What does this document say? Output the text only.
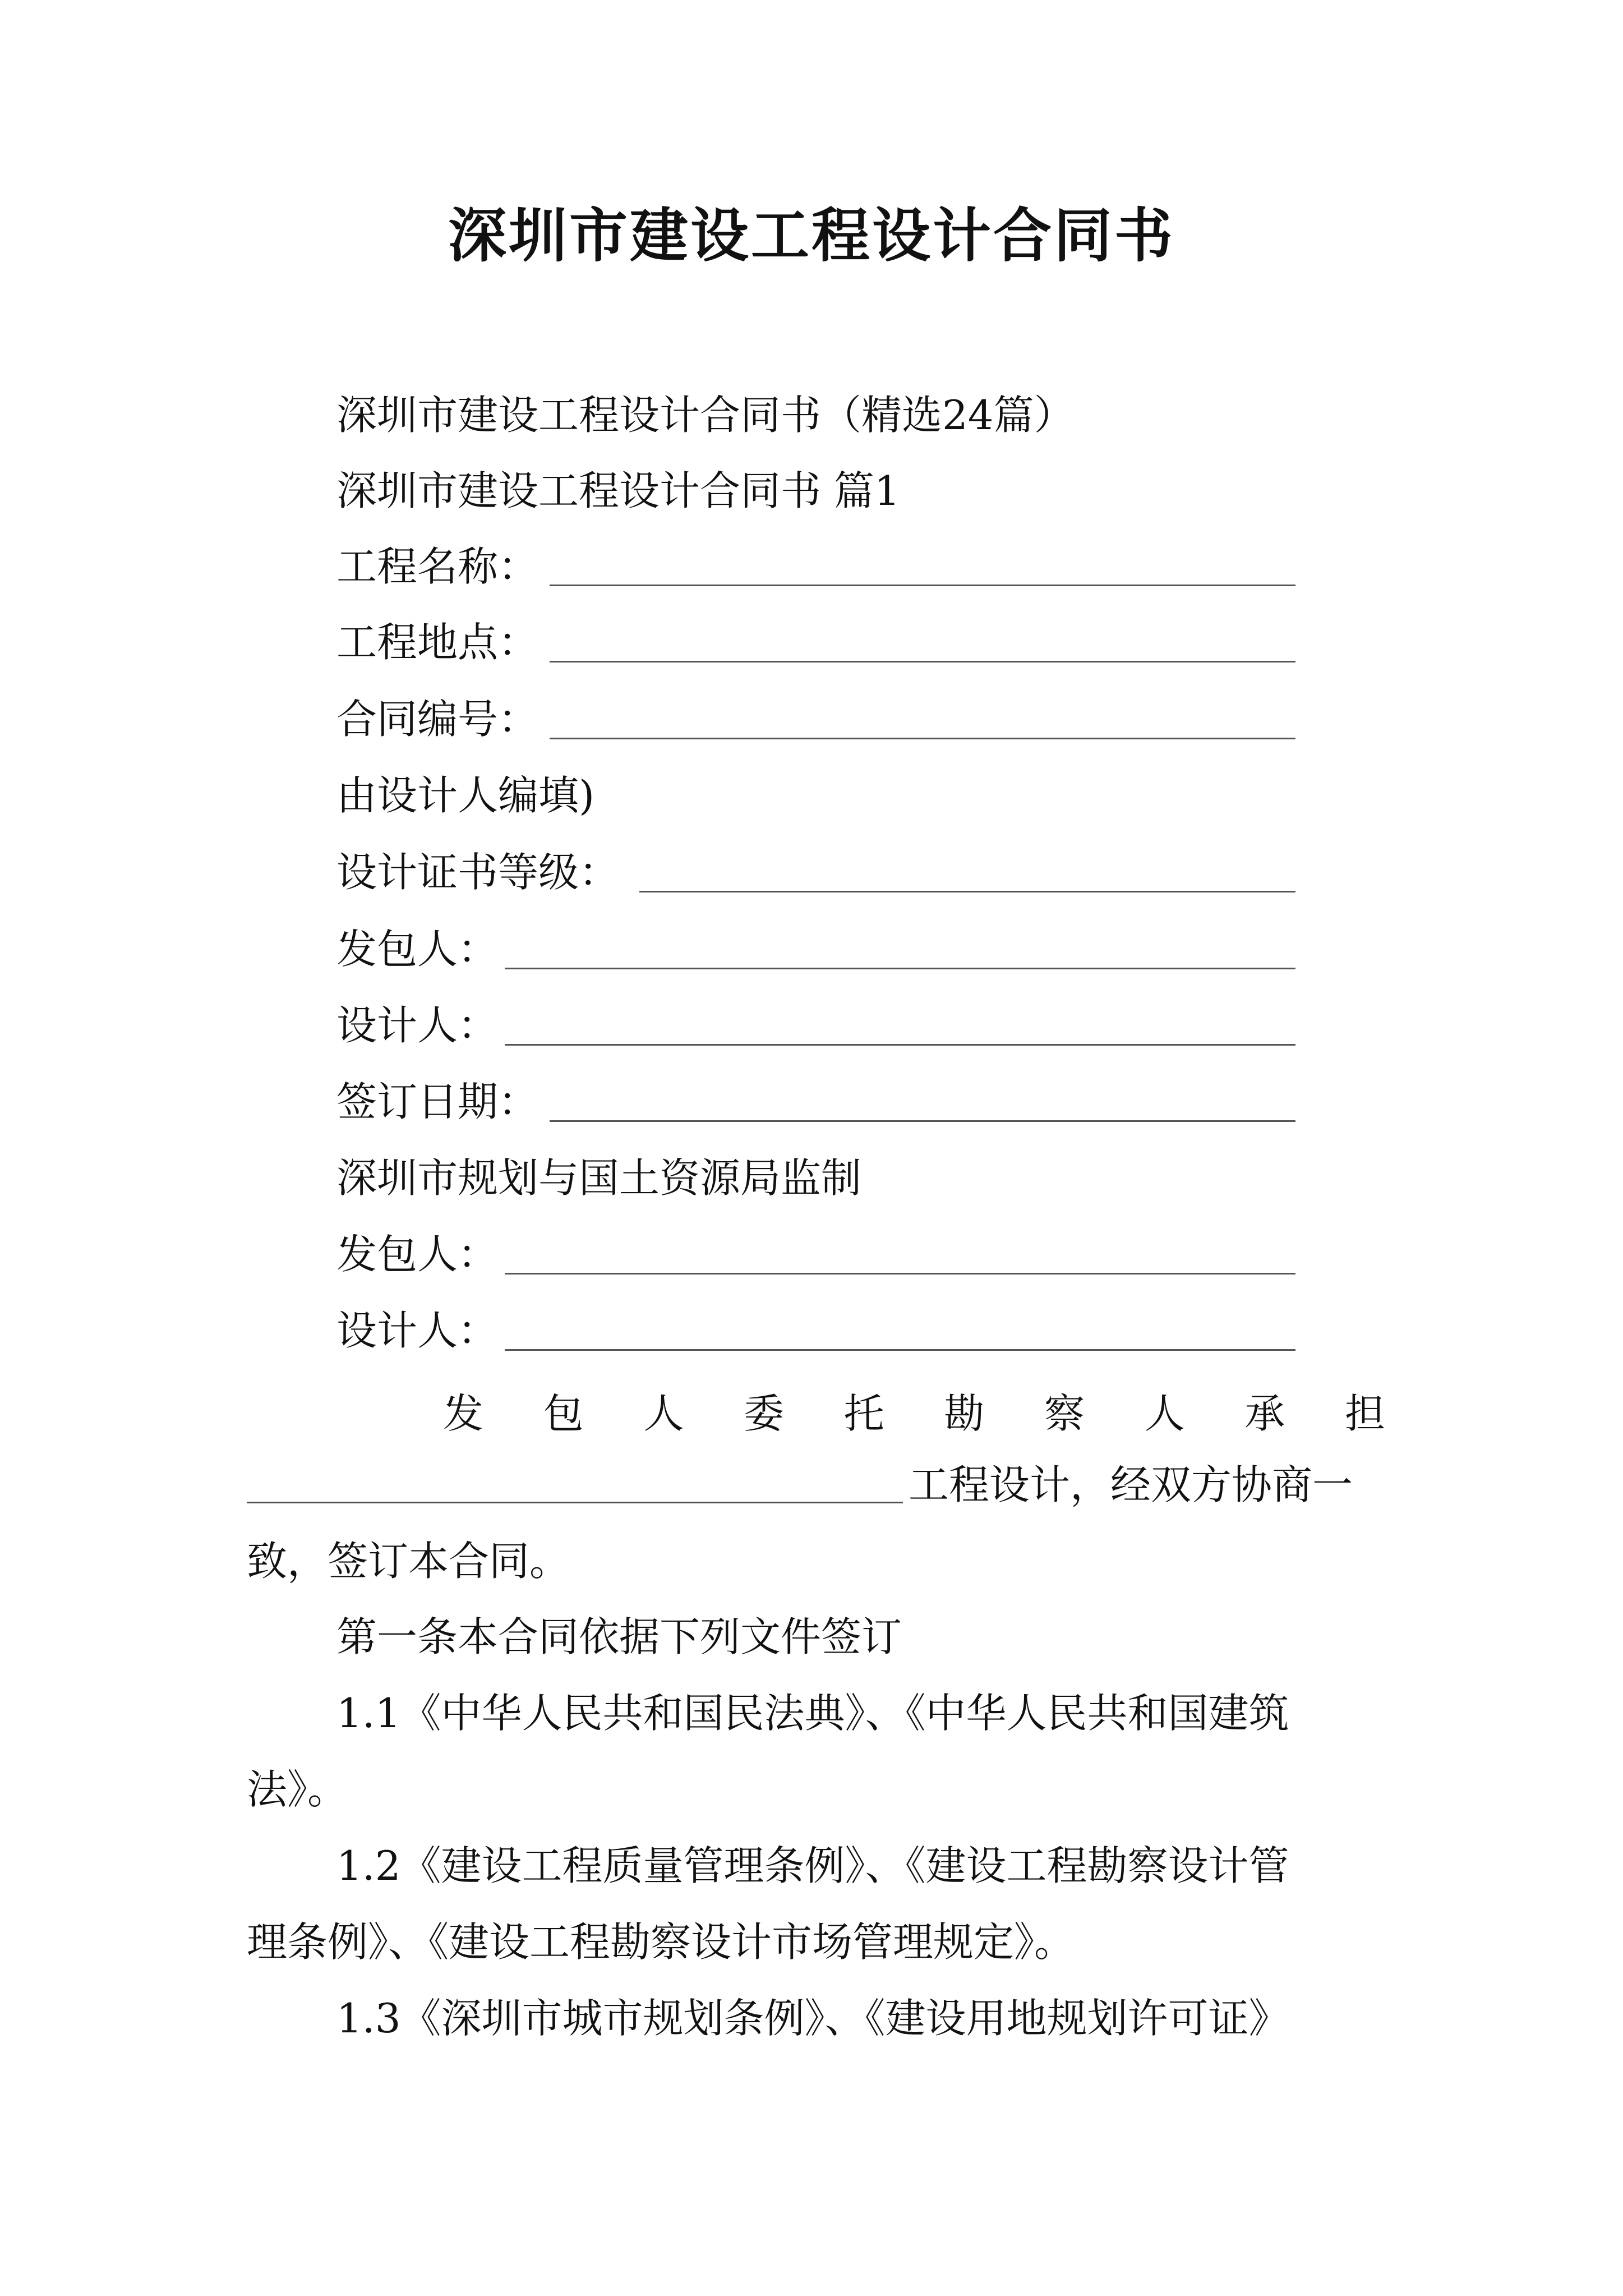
深圳市建设工程设计合同书
深圳市建设工程设计合同书（精选24篇）
深圳市建设工程设计合同书 篇1
工程名称：
工程地点：
合同编号：
由设计人编填)
设计证书等级：
发包人：
设计人：
签订日期：
深圳市规划与国土资源局监制
发包人：
设计人：
发 包 人 委 托 勘 察 人 承 担
工程设计，经双方协商一
致，签订本合同。
第一条本合同依据下列文件签订
1.1《中华人民共和国民法典》、《中华人民共和国建筑
法》。
1.2《建设工程质量管理条例》、《建设工程勘察设计管
理条例》、《建设工程勘察设计市场管理规定》。
1.3《深圳市城市规划条例》、《建设用地规划许可证》
